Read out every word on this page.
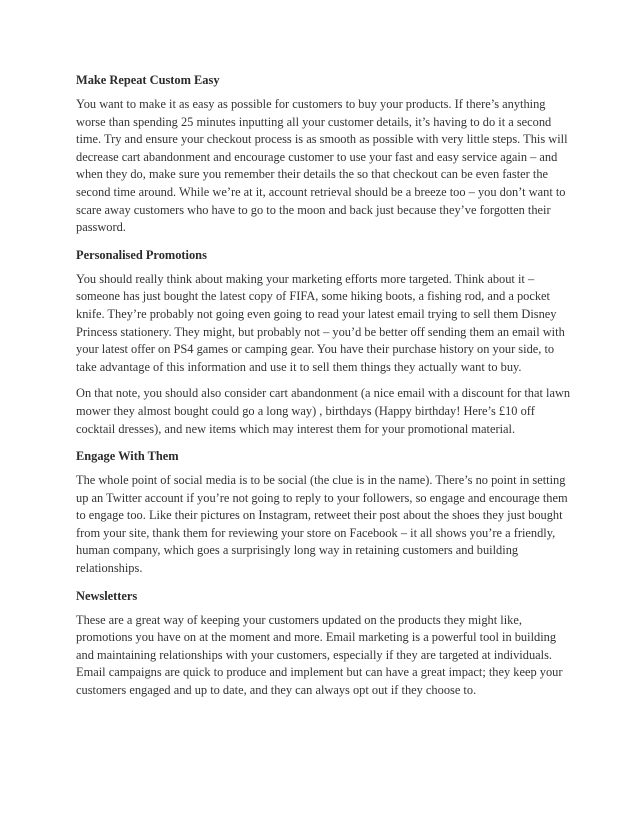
Make Repeat Custom Easy

You want to make it as easy as possible for customers to buy your products. If there’s anything worse than spending 25 minutes inputting all your customer details, it’s having to do it a second time. Try and ensure your checkout process is as smooth as possible with very little steps. This will decrease cart abandonment and encourage customer to use your fast and easy service again – and when they do, make sure you remember their details the so that checkout can be even faster the second time around. While we’re at it, account retrieval should be a breeze too – you don’t want to scare away customers who have to go to the moon and back just because they’ve forgotten their password.

Personalised Promotions

You should really think about making your marketing efforts more targeted. Think about it – someone has just bought the latest copy of FIFA, some hiking boots, a fishing rod, and a pocket knife. They’re probably not going even going to read your latest email trying to sell them Disney Princess stationery. They might, but probably not – you’d be better off sending them an email with your latest offer on PS4 games or camping gear. You have their purchase history on your side, to take advantage of this information and use it to sell them things they actually want to buy.

On that note, you should also consider cart abandonment (a nice email with a discount for that lawn mower they almost bought could go a long way) , birthdays (Happy birthday! Here’s £10 off cocktail dresses), and new items which may interest them for your promotional material.

Engage With Them

The whole point of social media is to be social (the clue is in the name). There’s no point in setting up an Twitter account if you’re not going to reply to your followers, so engage and encourage them to engage too. Like their pictures on Instagram, retweet their post about the shoes they just bought from your site, thank them for reviewing your store on Facebook – it all shows you’re a friendly, human company, which goes a surprisingly long way in retaining customers and building relationships.

Newsletters

These are a great way of keeping your customers updated on the products they might like, promotions you have on at the moment and more. Email marketing is a powerful tool in building and maintaining relationships with your customers, especially if they are targeted at individuals. Email campaigns are quick to produce and implement but can have a great impact; they keep your customers engaged and up to date, and they can always opt out if they choose to.
